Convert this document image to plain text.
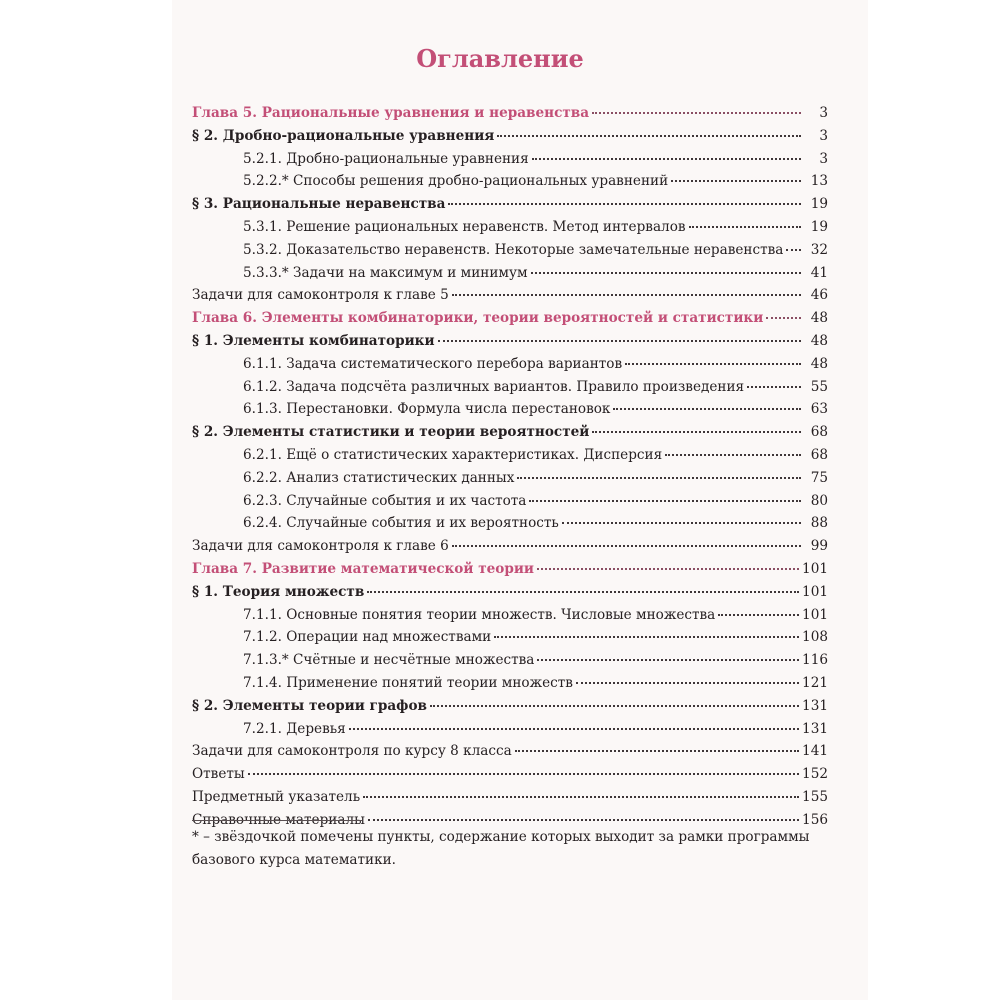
Оглавление
Глава 5. Рациональные уравнения и неравенства	3
§ 2. Дробно-рациональные уравнения	3
5.2.1. Дробно-рациональные уравнения	3
5.2.2.* Способы решения дробно-рациональных уравнений	13
§ 3. Рациональные неравенства	19
5.3.1. Решение рациональных неравенств. Метод интервалов	19
5.3.2. Доказательство неравенств. Некоторые замечательные неравенства	32
5.3.3.* Задачи на максимум и минимум	41
Задачи для самоконтроля к главе 5	46
Глава 6. Элементы комбинаторики, теории вероятностей и статистики	48
§ 1. Элементы комбинаторики	48
6.1.1. Задача систематического перебора вариантов	48
6.1.2. Задача подсчёта различных вариантов. Правило произведения	55
6.1.3. Перестановки. Формула числа перестановок	63
§ 2. Элементы статистики и теории вероятностей	68
6.2.1. Ещё о статистических характеристиках. Дисперсия	68
6.2.2. Анализ статистических данных	75
6.2.3. Случайные события и их частота	80
6.2.4. Случайные события и их вероятность	88
Задачи для самоконтроля к главе 6	99
Глава 7. Развитие математической теории	101
§ 1. Теория множеств	101
7.1.1. Основные понятия теории множеств. Числовые множества	101
7.1.2. Операции над множествами	108
7.1.3.* Счётные и несчётные множества	116
7.1.4. Применение понятий теории множеств	121
§ 2. Элементы теории графов	131
7.2.1. Деревья	131
Задачи для самоконтроля по курсу 8 класса	141
Ответы	152
Предметный указатель	155
Справочные материалы	156

* – звёздочкой помечены пункты, содержание которых выходит за рамки программы базового курса математики.
